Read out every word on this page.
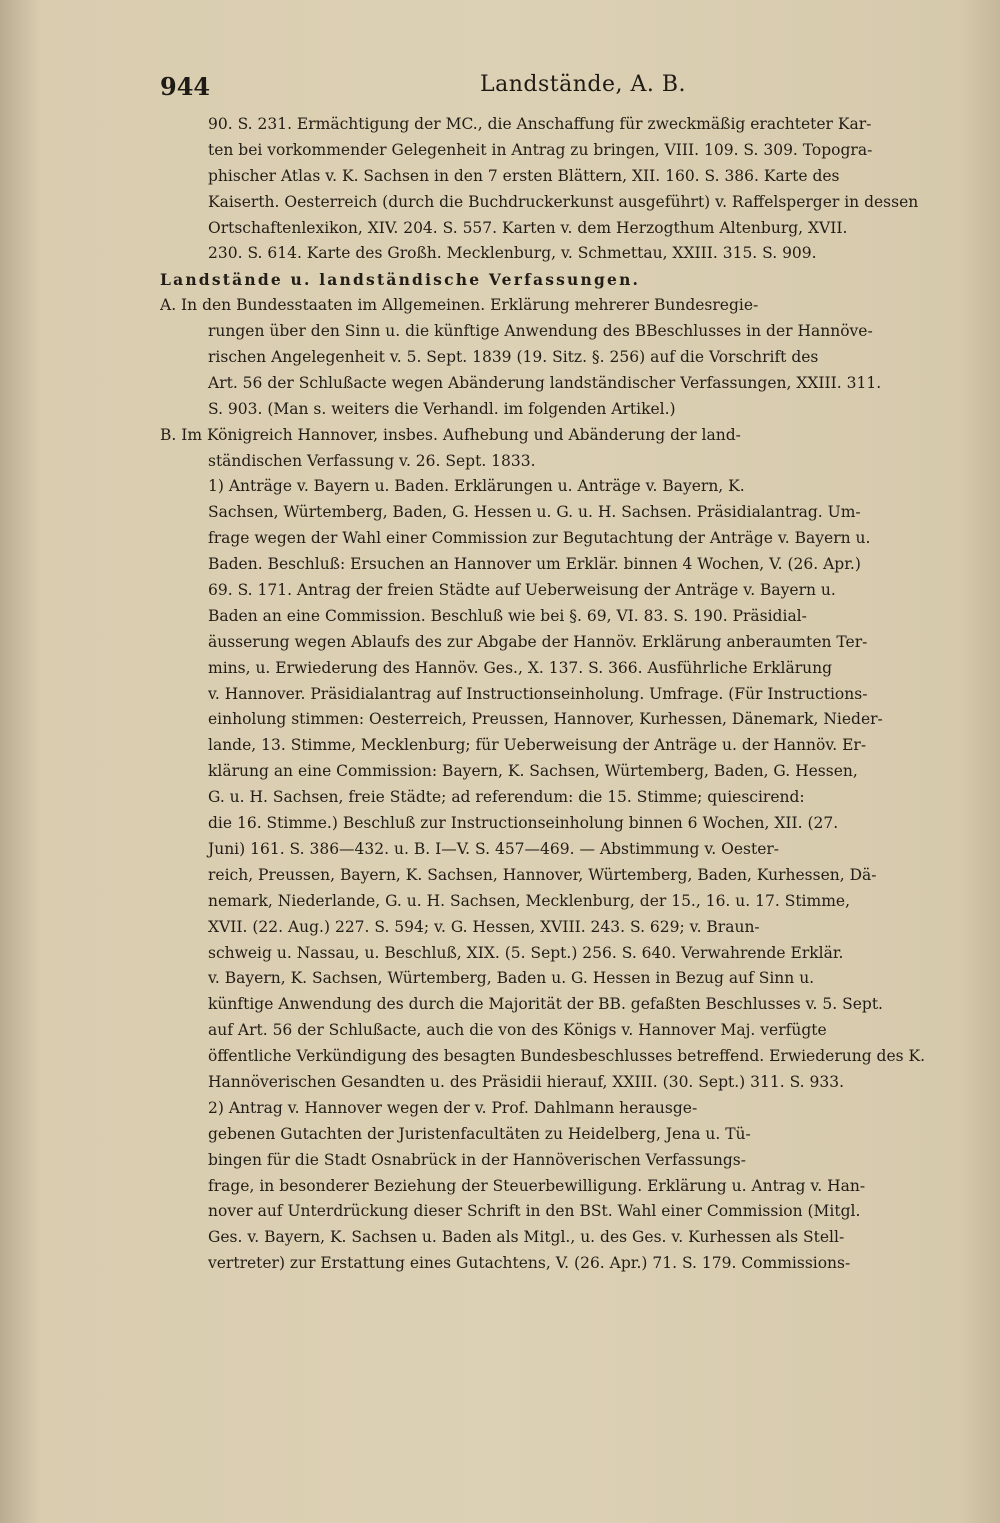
944	Landstände, A. B.
90. S. 231. Ermächtigung der MC., die Anschaffung für zweckmäßig erachteter Kar-
ten bei vorkommender Gelegenheit in Antrag zu bringen, VIII. 109. S. 309. Topogra-
phischer Atlas v. K. Sachsen in den 7 ersten Blättern, XII. 160. S. 386. Karte des
Kaiserth. Oesterreich (durch die Buchdruckerkunst ausgeführt) v. Raffelsperger in dessen
Ortschaftenlexikon, XIV. 204. S. 557. Karten v. dem Herzogthum Altenburg, XVII.
230. S. 614. Karte des Großh. Mecklenburg, v. Schmettau, XXIII. 315. S. 909.
Landstände u. landständische Verfassungen.
A. In den Bundesstaaten im Allgemeinen. Erklärung mehrerer Bundesregie-
rungen über den Sinn u. die künftige Anwendung des BBeschlusses in der Hannöve-
rischen Angelegenheit v. 5. Sept. 1839 (19. Sitz. §. 256) auf die Vorschrift des
Art. 56 der Schlußacte wegen Abänderung landständischer Verfassungen, XXIII. 311.
S. 903. (Man s. weiters die Verhandl. im folgenden Artikel.)
B. Im Königreich Hannover, insbes. Aufhebung und Abänderung der land-
ständischen Verfassung v. 26. Sept. 1833.
1) Anträge v. Bayern u. Baden. Erklärungen u. Anträge v. Bayern, K.
Sachsen, Würtemberg, Baden, G. Hessen u. G. u. H. Sachsen. Präsidialantrag. Um-
frage wegen der Wahl einer Commission zur Begutachtung der Anträge v. Bayern u.
Baden. Beschluß: Ersuchen an Hannover um Erklär. binnen 4 Wochen, V. (26. Apr.)
69. S. 171. Antrag der freien Städte auf Ueberweisung der Anträge v. Bayern u.
Baden an eine Commission. Beschluß wie bei §. 69, VI. 83. S. 190. Präsidial-
äusserung wegen Ablaufs des zur Abgabe der Hannöv. Erklärung anberaumten Ter-
mins, u. Erwiederung des Hannöv. Ges., X. 137. S. 366. Ausführliche Erklärung
v. Hannover. Präsidialantrag auf Instructionseinholung. Umfrage. (Für Instructions-
einholung stimmen: Oesterreich, Preussen, Hannover, Kurhessen, Dänemark, Nieder-
lande, 13. Stimme, Mecklenburg; für Ueberweisung der Anträge u. der Hannöv. Er-
klärung an eine Commission: Bayern, K. Sachsen, Würtemberg, Baden, G. Hessen,
G. u. H. Sachsen, freie Städte; ad referendum: die 15. Stimme; quiescirend:
die 16. Stimme.) Beschluß zur Instructionseinholung binnen 6 Wochen, XII. (27.
Juni) 161. S. 386—432. u. B. I—V. S. 457—469. — Abstimmung v. Oester-
reich, Preussen, Bayern, K. Sachsen, Hannover, Würtemberg, Baden, Kurhessen, Dä-
nemark, Niederlande, G. u. H. Sachsen, Mecklenburg, der 15., 16. u. 17. Stimme,
XVII. (22. Aug.) 227. S. 594; v. G. Hessen, XVIII. 243. S. 629; v. Braun-
schweig u. Nassau, u. Beschluß, XIX. (5. Sept.) 256. S. 640. Verwahrende Erklär.
v. Bayern, K. Sachsen, Würtemberg, Baden u. G. Hessen in Bezug auf Sinn u.
künftige Anwendung des durch die Majorität der BB. gefaßten Beschlusses v. 5. Sept.
auf Art. 56 der Schlußacte, auch die von des Königs v. Hannover Maj. verfügte
öffentliche Verkündigung des besagten Bundesbeschlusses betreffend. Erwiederung des K.
Hannöverischen Gesandten u. des Präsidii hierauf, XXIII. (30. Sept.) 311. S. 933.
2) Antrag v. Hannover wegen der v. Prof. Dahlmann herausge-
gebenen Gutachten der Juristenfacultäten zu Heidelberg, Jena u. Tü-
bingen für die Stadt Osnabrück in der Hannöverischen Verfassungs-
frage, in besonderer Beziehung der Steuerbewilligung. Erklärung u. Antrag v. Han-
nover auf Unterdrückung dieser Schrift in den BSt. Wahl einer Commission (Mitgl.
Ges. v. Bayern, K. Sachsen u. Baden als Mitgl., u. des Ges. v. Kurhessen als Stell-
vertreter) zur Erstattung eines Gutachtens, V. (26. Apr.) 71. S. 179. Commissions-
